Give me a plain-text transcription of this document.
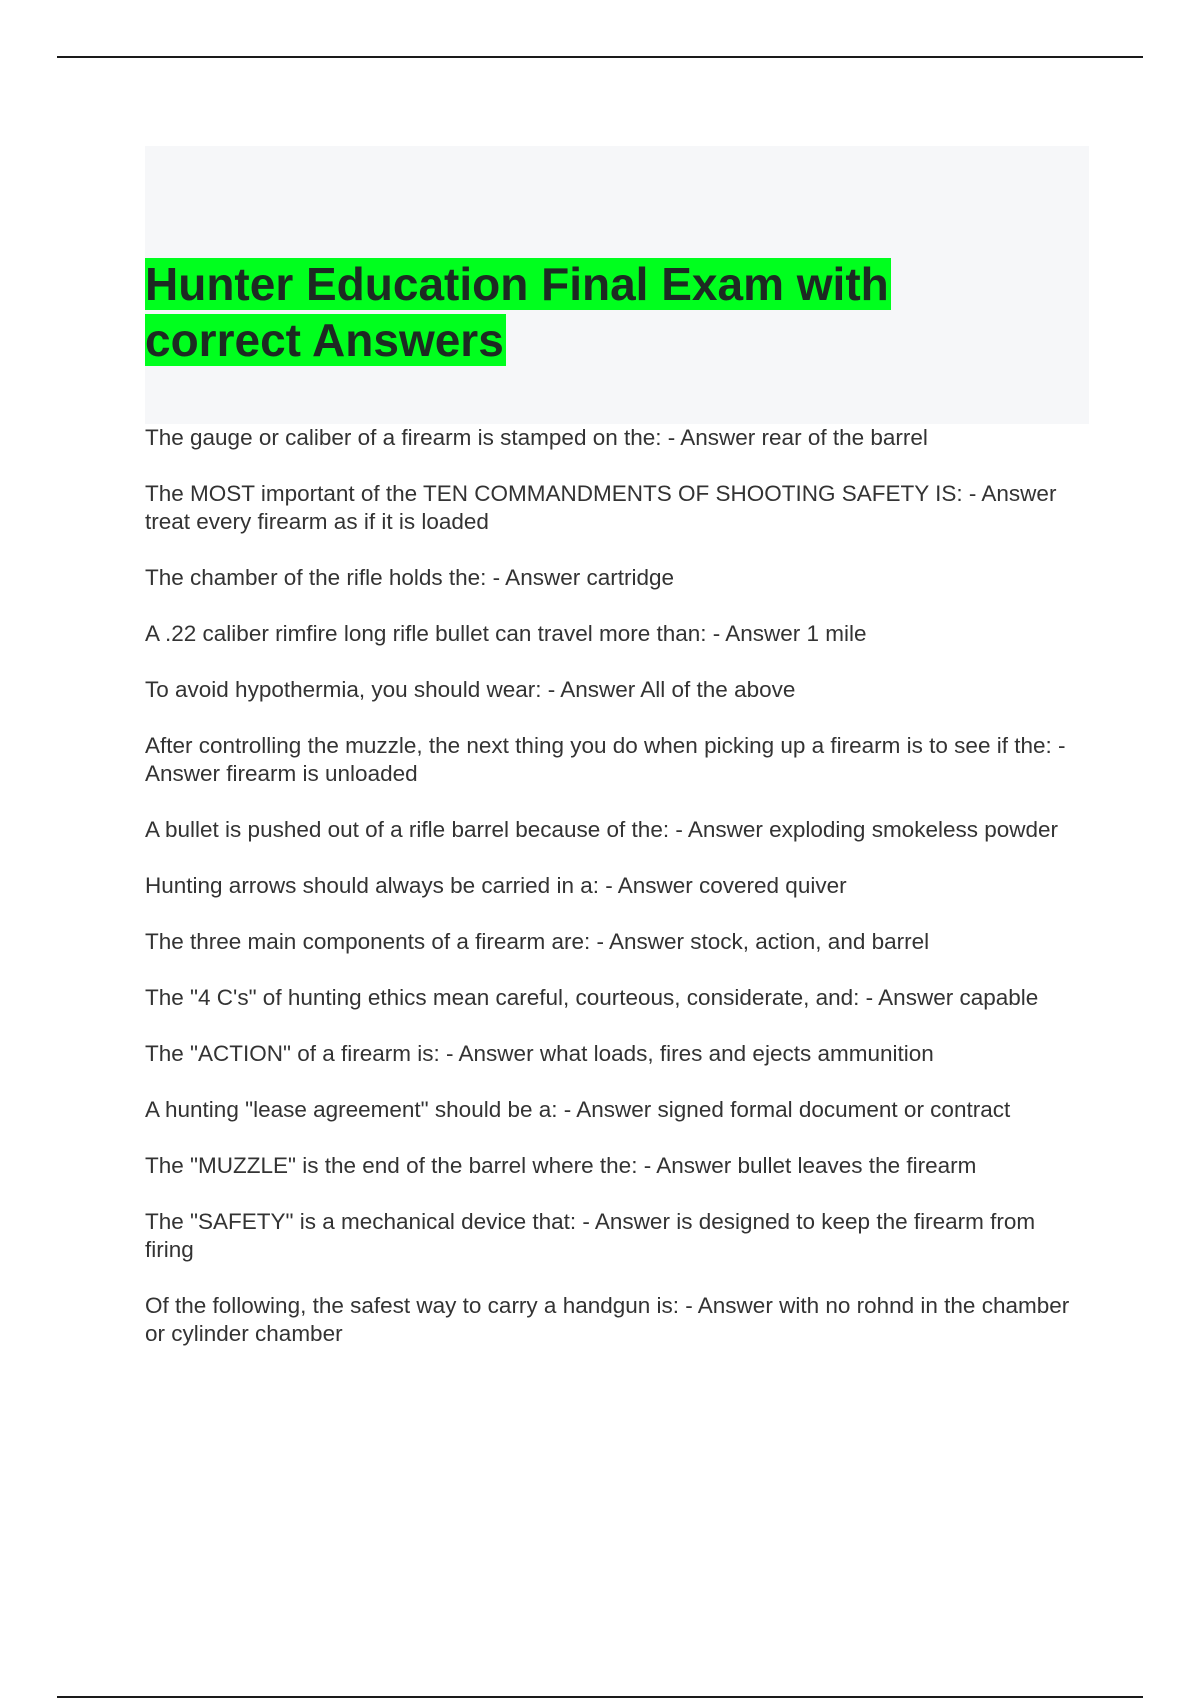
Hunter Education Final Exam with correct Answers
The gauge or caliber of a firearm is stamped on the: - Answer rear of the barrel
The MOST important of the TEN COMMANDMENTS OF SHOOTING SAFETY IS: - Answer treat every firearm as if it is loaded
The chamber of the rifle holds the: - Answer cartridge
A .22 caliber rimfire long rifle bullet can travel more than: - Answer 1 mile
To avoid hypothermia, you should wear: - Answer All of the above
After controlling the muzzle, the next thing you do when picking up a firearm is to see if the: - Answer firearm is unloaded
A bullet is pushed out of a rifle barrel because of the: - Answer exploding smokeless powder
Hunting arrows should always be carried in a: - Answer covered quiver
The three main components of a firearm are: - Answer stock, action, and barrel
The "4 C's" of hunting ethics mean careful, courteous, considerate, and: - Answer capable
The "ACTION" of a firearm is: - Answer what loads, fires and ejects ammunition
A hunting "lease agreement" should be a: - Answer signed formal document or contract
The "MUZZLE" is the end of the barrel where the: - Answer bullet leaves the firearm
The "SAFETY" is a mechanical device that: - Answer is designed to keep the firearm from firing
Of the following, the safest way to carry a handgun is: - Answer with no rohnd in the chamber or cylinder chamber
